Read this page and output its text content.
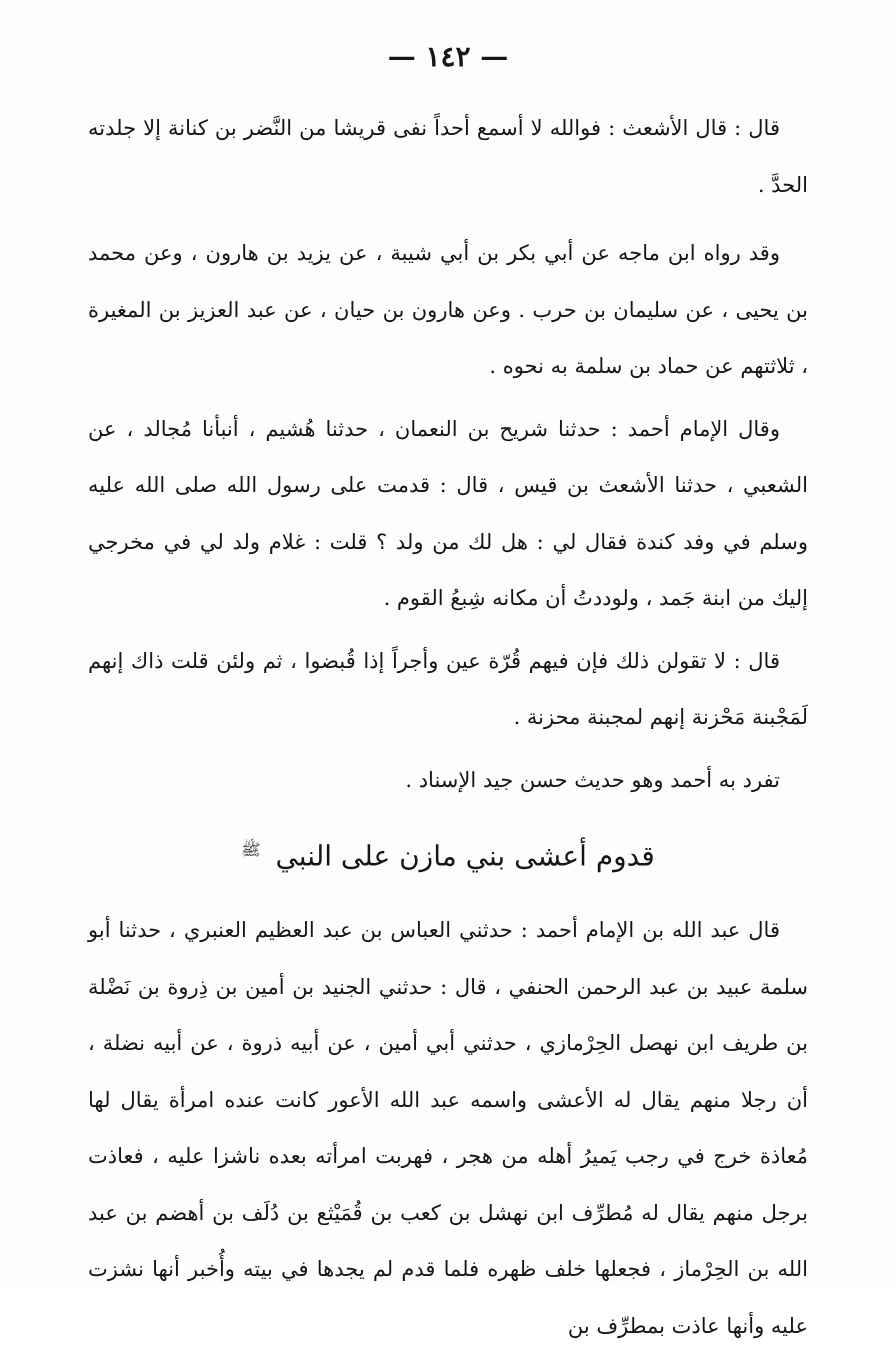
— ١٤٢ —

قال : قال الأشعث : فوالله لا أسمع أحداً نفى قريشا من النَّضر بن كنانة إلا جلدته الحدَّ .

وقد رواه ابن ماجه عن أبي بكر بن أبي شيبة ، عن يزيد بن هارون ، وعن محمد بن يحيى ، عن سليمان بن حرب . وعن هارون بن حيان ، عن عبد العزيز بن المغيرة ، ثلاثتهم عن حماد بن سلمة به نحوه .

وقال الإمام أحمد : حدثنا شريح بن النعمان ، حدثنا هُشيم ، أنبأنا مُجالد ، عن الشعبي ، حدثنا الأشعث بن قيس ، قال : قدمت على رسول الله صلى الله عليه وسلم في وفد كندة فقال لي : هل لك من ولد ؟ قلت : غلام ولد لي في مخرجي إليك من ابنة جَمد ، ولوددتُ أن مكانه شِبعُ القوم .

قال : لا تقولن ذلك فإن فيهم قُرّة عين وأجراً إذا قُبضوا ، ثم ولئن قلت ذاك إنهم لَمَجْبنة مَحْزنة إنهم لمجبنة محزنة .

تفرد به أحمد وهو حديث حسن جيد الإسناد .

قدوم أعشى بني مازن على النبي $^ﷺ$

قال عبد الله بن الإمام أحمد : حدثني العباس بن عبد العظيم العنبري ، حدثنا أبو سلمة عبيد بن عبد الرحمن الحنفي ، قال : حدثني الجنيد بن أمين بن ذِروة بن نَضْلة بن طريف ابن نهصل الحِرْمازي ، حدثني أبي أمين ، عن أبيه ذروة ، عن أبيه نضلة ، أن رجلا منهم يقال له الأعشى واسمه عبد الله الأعور كانت عنده امرأة يقال لها مُعاذة خرج في رجب يَميرُ أهله من هجر ، فهربت امرأته بعده ناشزا عليه ، فعاذت برجل منهم يقال له مُطرِّف ابن نهشل بن كعب بن قُمَيْثع بن دُلَف بن أهضم بن عبد الله بن الحِرْماز ، فجعلها خلف ظهره فلما قدم لم يجدها في بيته وأُخبر أنها نشزت عليه وأنها عاذت بمطرِّف بن
